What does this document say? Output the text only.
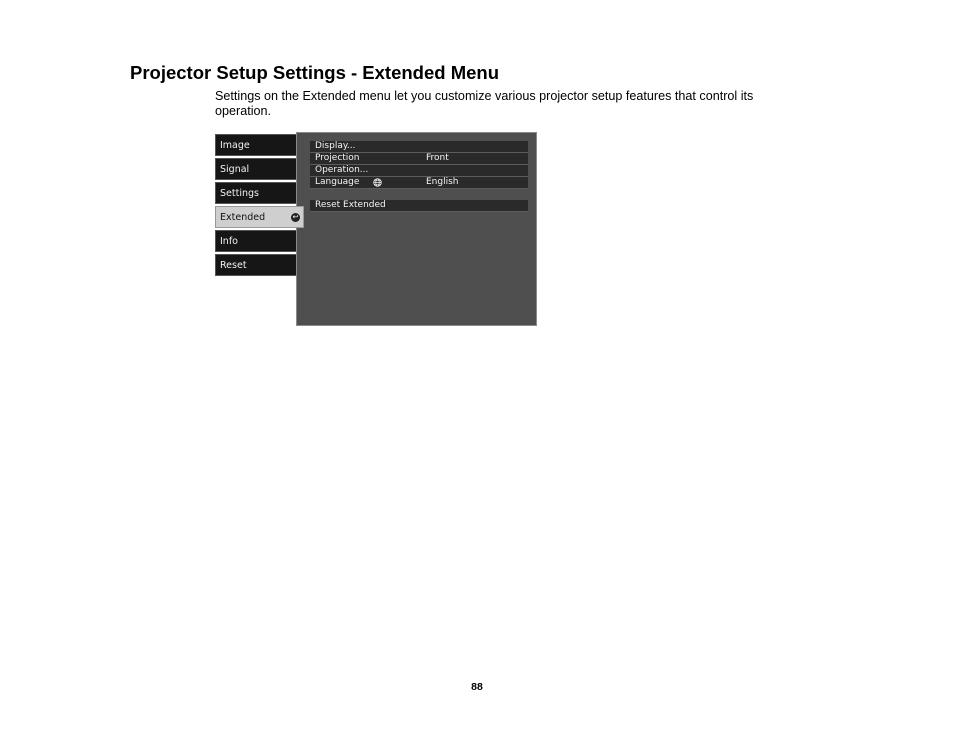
Projector Setup Settings - Extended Menu

Settings on the Extended menu let you customize various projector setup features that control its operation.

Image
Signal
Settings
Extended	↩
Info
Reset
Display...
Projection	Front
Operation...
Language	English
Reset Extended
88
